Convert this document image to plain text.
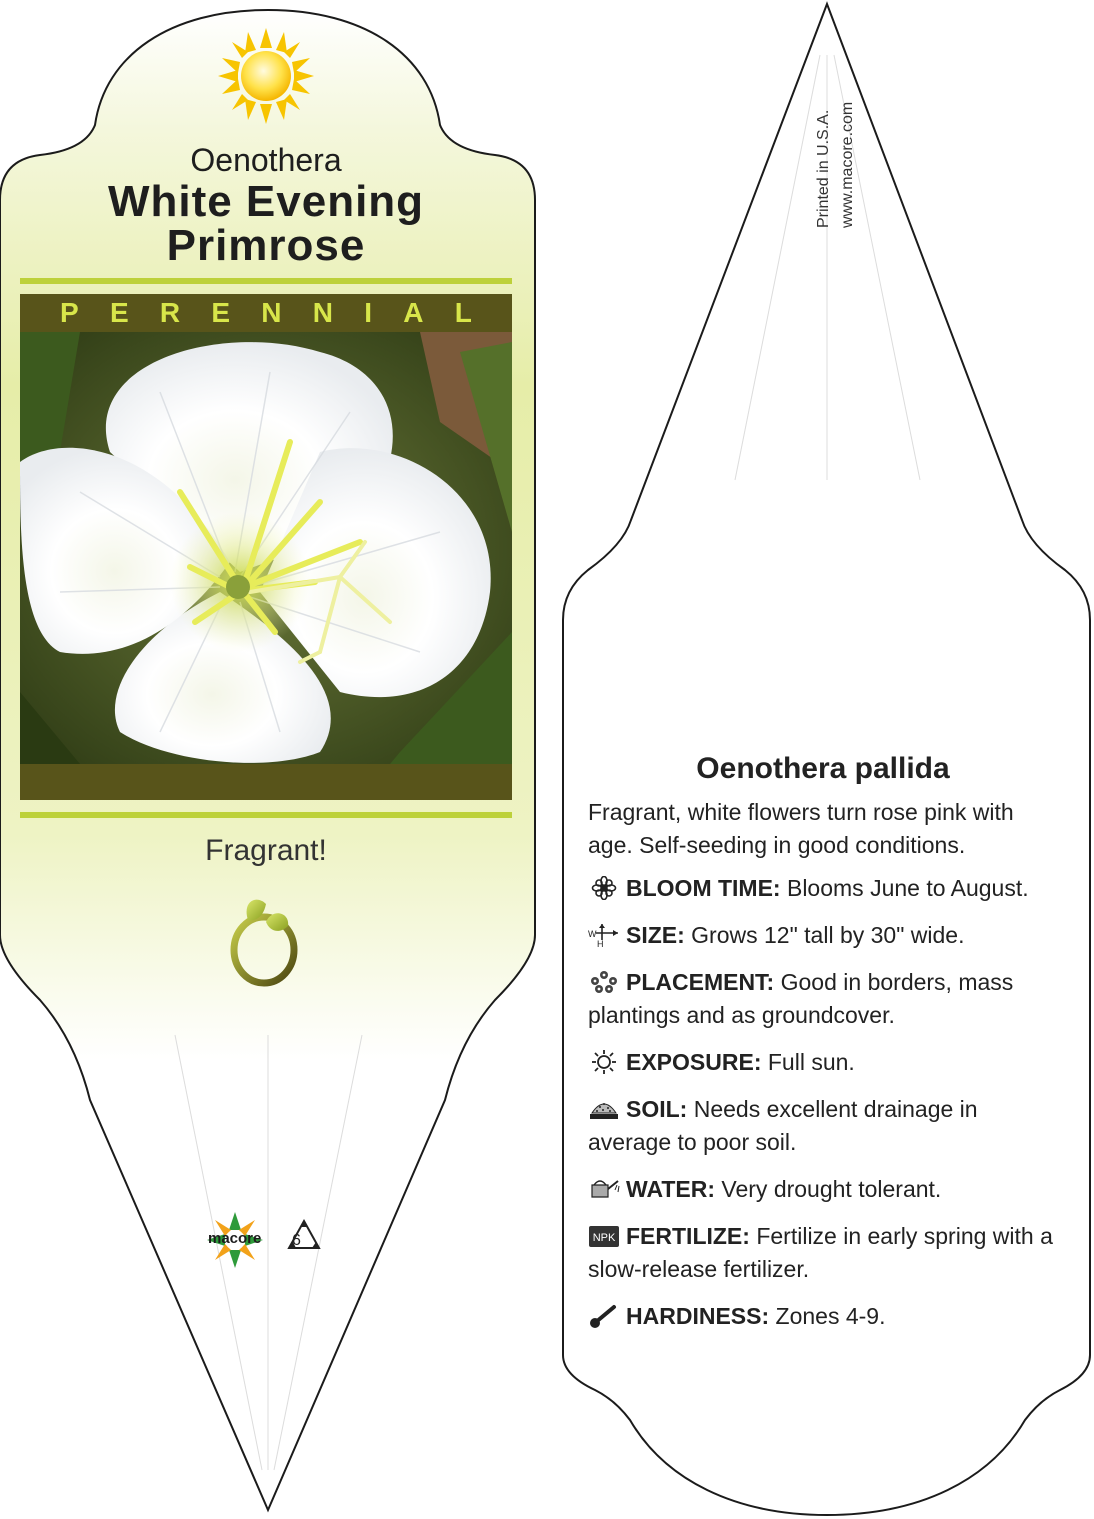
Oenothera
White Evening
Primrose
P E R E N N I A L
Fragrant!
macore 6
Printed in U.S.A. www.macore.com
Oenothera pallida
Fragrant, white flowers turn rose pink with age. Self-seeding in good conditions.
BLOOM TIME: Blooms June to August.
W
H SIZE: Grows 12" tall by 30" wide.
PLACEMENT: Good in borders, mass plantings and as groundcover.
EXPOSURE: Full sun.
SOIL: Needs excellent drainage in average to poor soil.
WATER: Very drought tolerant.
NPK FERTILIZE: Fertilize in early spring with a slow-release fertilizer.
HARDINESS: Zones 4-9.
